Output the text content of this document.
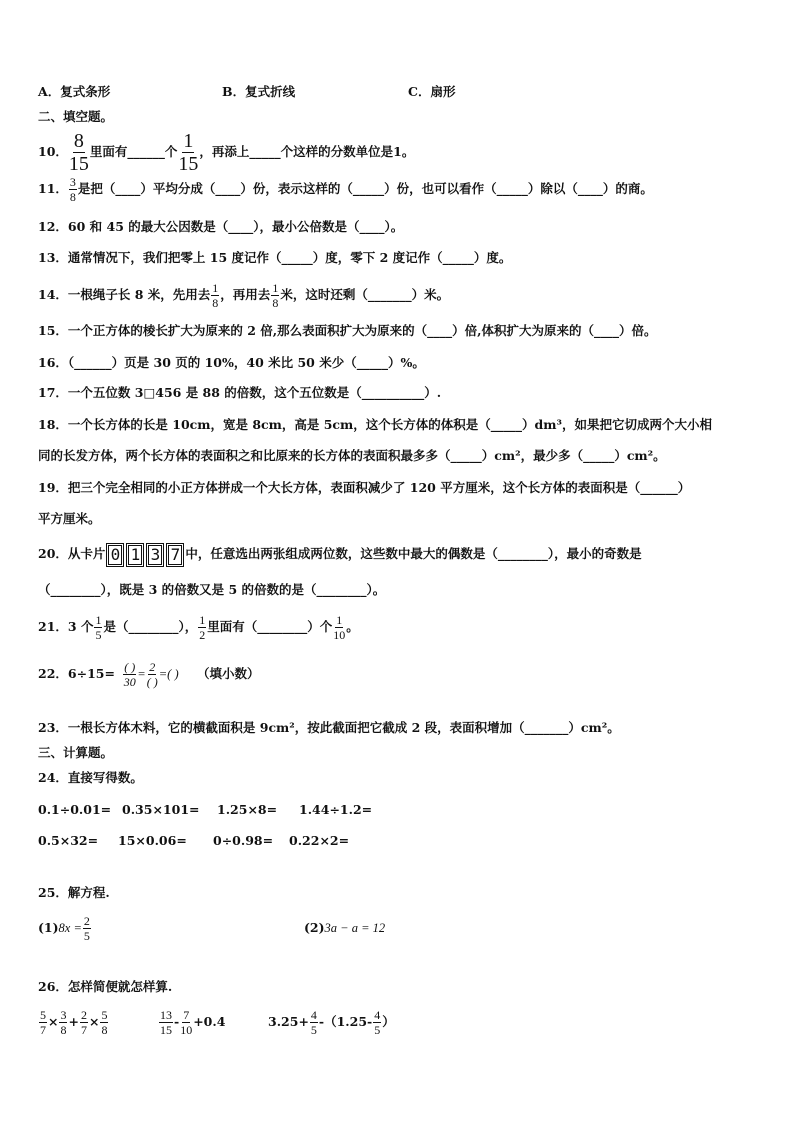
A．复式条形	B．复式折线	C．扇形
二、填空题。
10． $\frac{8}{15}$ 里面有______个 $\frac{1}{15}$ ，再添上_____个这样的分数单位是1。
11． $\frac{3}{8}$ 是把（____）平均分成（____）份，表示这样的（_____）份，也可以看作（_____）除以（____）的商。
12．60 和 45 的最大公因数是（____），最小公倍数是（____）。
13．通常情况下，我们把零上 15 度记作（_____）度，零下 2 度记作（_____）度。
14．一根绳子长 8 米，先用去 $\frac{1}{8}$ ，再用去 $\frac{1}{8}$ 米，这时还剩（_______）米。
15．一个正方体的棱长扩大为原来的 2 倍,那么表面积扩大为原来的（____）倍,体积扩大为原来的（____）倍。
16．（______）页是 30 页的 10%，40 米比 50 米少（_____）%。
17．一个五位数 3□456 是 88 的倍数，这个五位数是（__________）.
18．一个长方体的长是 10cm，宽是 8cm，高是 5cm，这个长方体的体积是（_____）dm³，如果把它切成两个大小相
同的长发方体，两个长方体的表面积之和比原来的长方体的表面积最多多（_____）cm²，最少多（_____）cm²。
19．把三个完全相同的小正方体拼成一个大长方体，表面积减少了 120 平方厘米，这个长方体的表面积是（______）
平方厘米。
20．从卡片 0 1 3 7 中，任意选出两张组成两位数，这些数中最大的偶数是（________），最小的奇数是
（________），既是 3 的倍数又是 5 的倍数的是（________）。
21．3 个 $\frac{1}{5}$ 是（________）， $\frac{1}{2}$ 里面有（________）个 $\frac{1}{10}$ 。
22．6÷15= ( )
30
= 2
( )
=( ) （填小数）
23．一根长方体木料，它的横截面积是 9cm²，按此截面把它截成 2 段，表面积增加（_______）cm²。
三、计算题。
24．直接写得数。
0.1÷0.01= 0.35×101= 1.25×8= 1.44÷1.2=
0.5×32= 15×0.06= 0÷0.98= 0.22×2=
25．解方程.
$(1)8x = \frac{2}{5}$	(2)3a − a = 12
26．怎样简便就怎样算.
$\frac{5}{7} \times \frac{3}{8} + \frac{2}{7} \times \frac{5}{8}$	$\frac{13}{15} - \frac{7}{10} +0.4$	$3.25+ \frac{4}{5} -(1.25- \frac{4}{5}$ ）
